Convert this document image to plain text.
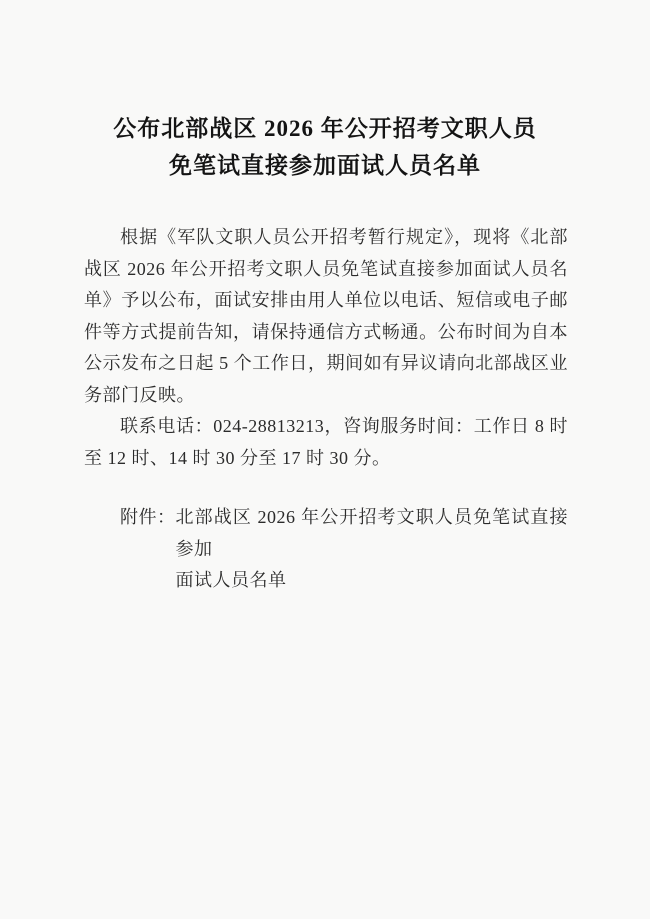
公布北部战区 2026 年公开招考文职人员
免笔试直接参加面试人员名单

根据《军队文职人员公开招考暂行规定》，现将《北部战区 2026 年公开招考文职人员免笔试直接参加面试人员名单》予以公布，面试安排由用人单位以电话、短信或电子邮件等方式提前告知，请保持通信方式畅通。公布时间为自本公示发布之日起 5 个工作日，期间如有异议请向北部战区业务部门反映。

联系电话：024-28813213，咨询服务时间：工作日 8 时至 12 时、14 时 30 分至 17 时 30 分。

附件： 北部战区 2026 年公开招考文职人员免笔试直接参加
面试人员名单
